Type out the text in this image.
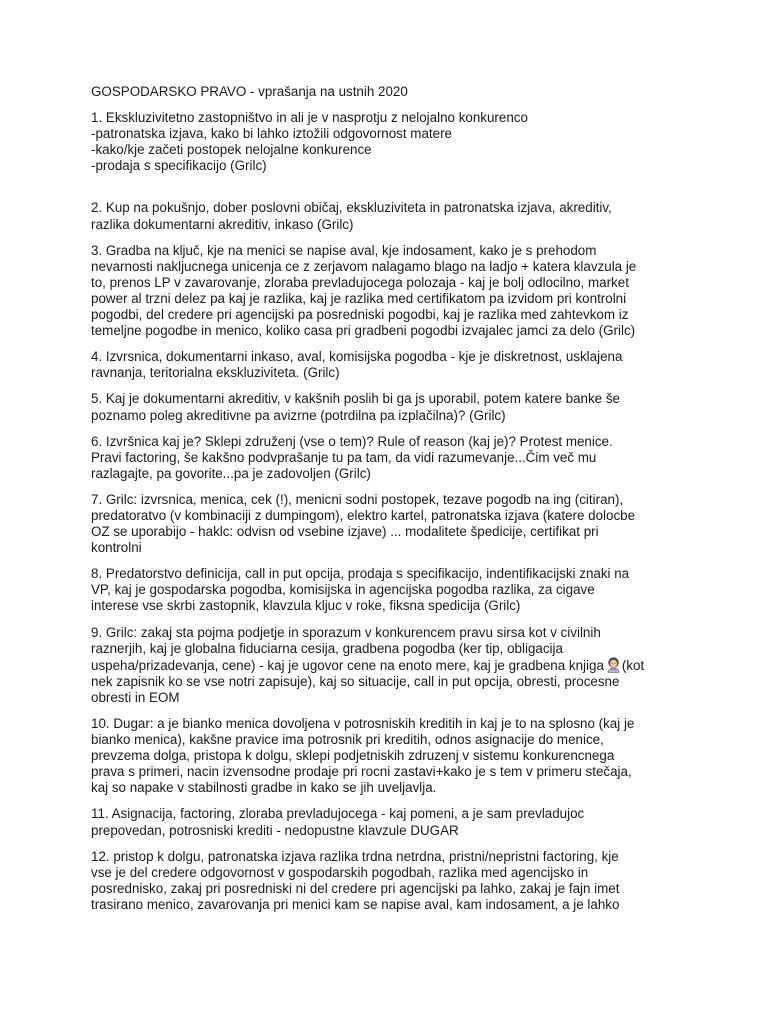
GOSPODARSKO PRAVO - vprašanja na ustnih 2020
1. Ekskluzivitetno zastopništvo in ali je v nasprotju z nelojalno konkurenco
-patronatska izjava, kako bi lahko iztožili odgovornost matere
-kako/kje začeti postopek nelojalne konkurence
-prodaja s specifikacijo (Grilc)
2. Kup na pokušnjo, dober poslovni običaj, ekskluziviteta in patronatska izjava, akreditiv,
razlika dokumentarni akreditiv, inkaso (Grilc)
3. Gradba na ključ, kje na menici se napise aval, kje indosament, kako je s prehodom
nevarnosti nakljucnega unicenja ce z zerjavom nalagamo blago na ladjo + katera klavzula je
to, prenos LP v zavarovanje, zloraba prevladujocega polozaja - kaj je bolj odlocilno, market
power al trzni delez pa kaj je razlika, kaj je razlika med certifikatom pa izvidom pri kontrolni
pogodbi, del credere pri agencijski pa posredniski pogodbi, kaj je razlika med zahtevkom iz
temeljne pogodbe in menico, koliko casa pri gradbeni pogodbi izvajalec jamci za delo (Grilc)
4. Izvrsnica, dokumentarni inkaso, aval, komisijska pogodba - kje je diskretnost, usklajena
ravnanja, teritorialna ekskluziviteta. (Grilc)
5. Kaj je dokumentarni akreditiv, v kakšnih poslih bi ga js uporabil, potem katere banke še
poznamo poleg akreditivne pa avizrne (potrdilna pa izplačilna)? (Grilc)
6. Izvršnica kaj je? Sklepi združenj (vse o tem)? Rule of reason (kaj je)? Protest menice.
Pravi factoring, še kakšno podvprašanje tu pa tam, da vidi razumevanje...Čim več mu
razlagajte, pa govorite...pa je zadovoljen (Grilc)
7. Grilc: izvrsnica, menica, cek (!), menicni sodni postopek, tezave pogodb na ing (citiran),
predatoratvo (v kombinaciji z dumpingom), elektro kartel, patronatska izjava (katere dolocbe
OZ se uporabijo - haklc: odvisn od vsebine izjave) ... modalitete špedicije, certifikat pri
kontrolni
8. Predatorstvo definicija, call in put opcija, prodaja s specifikacijo, indentifikacijski znaki na
VP, kaj je gospodarska pogodba, komisijska in agencijska pogodba razlika, za cigave
interese vse skrbi zastopnik, klavzula kljuc v roke, fiksna spedicija (Grilc)
9. Grilc: zakaj sta pojma podjetje in sporazum v konkurencem pravu sirsa kot v civilnih
raznerjih, kaj je globalna fiduciarna cesija, gradbena pogodba (ker tip, obligacija
uspeha/prizadevanja, cene) - kaj je ugovor cene na enoto mere, kaj je gradbena knjiga (kot
nek zapisnik ko se vse notri zapisuje), kaj so situacije, call in put opcija, obresti, procesne
obresti in EOM
10. Dugar: a je bianko menica dovoljena v potrosniskih kreditih in kaj je to na splosno (kaj je
bianko menica), kakšne pravice ima potrosnik pri kreditih, odnos asignacije do menice,
prevzema dolga, pristopa k dolgu, sklepi podjetniskih zdruzenj v sistemu konkurencnega
prava s primeri, nacin izvensodne prodaje pri rocni zastavi+kako je s tem v primeru stečaja,
kaj so napake v stabilnosti gradbe in kako se jih uveljavlja.
11. Asignacija, factoring, zloraba prevladujocega - kaj pomeni, a je sam prevladujoc
prepovedan, potrosniski krediti - nedopustne klavzule DUGAR
12. pristop k dolgu, patronatska izjava razlika trdna netrdna, pristni/nepristni factoring, kje
vse je del credere odgovornost v gospodarskih pogodbah, razlika med agencijsko in
posrednisko, zakaj pri posredniski ni del credere pri agencijski pa lahko, zakaj je fajn imet
trasirano menico, zavarovanja pri menici kam se napise aval, kam indosament, a je lahko
